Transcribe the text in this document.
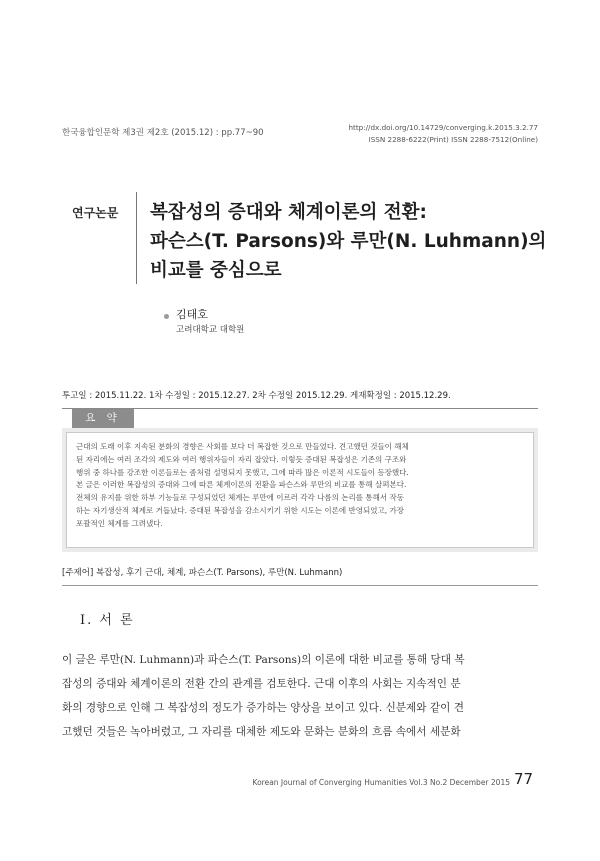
한국융합인문학 제3권 제2호 (2015.12) : pp.77~90
http://dx.doi.org/10.14729/converging.k.2015.3.2.77
ISSN 2288-6222(Print) ISSN 2288-7512(Online)
연구논문 복잡성의 증대와 체계이론의 전환:
파슨스(T. Parsons)와 루만(N. Luhmann)의
비교를 중심으로
김태호
고려대학교 대학원
투고일 : 2015.11.22. 1차 수정일 : 2015.12.27. 2차 수정일 2015.12.29. 게재확정일 : 2015.12.29.
요 약
근대의 도래 이후 지속된 분화의 경향은 사회를 보다 더 복잡한 것으로 만들었다. 견고했던 것들이 해체
된 자리에는 여러 조각의 제도와 여러 행위자들이 자리 잡았다. 이렇듯 증대된 복잡성은 기존의 구조와
행위 중 하나를 강조한 이론들로는 좀처럼 설명되지 못했고, 그에 따라 많은 이론적 시도들이 등장했다.
본 글은 이러한 복잡성의 증대와 그에 따른 체계이론의 전환을 파슨스와 루만의 비교를 통해 살펴본다.
전체의 유지를 위한 하부 기능들로 구성되었던 체계는 루만에 이르러 각각 나름의 논리를 통해서 작동
하는 자기생산적 체계로 거듭났다. 증대된 복잡성을 감소시키기 위한 시도는 이론에 반영되었고, 가장
포괄적인 체계를 그려냈다.
[주제어] 복잡성, 후기 근대, 체계, 파슨스(T. Parsons), 루만(N. Luhmann)
Ⅰ. 서 론
이 글은 루만(N. Luhmann)과 파슨스(T. Parsons)의 이론에 대한 비교를 통해 당대 복
잡성의 증대와 체계이론의 전환 간의 관계를 검토한다. 근대 이후의 사회는 지속적인 분
화의 경향으로 인해 그 복잡성의 정도가 증가하는 양상을 보이고 있다. 신분제와 같이 견
고했던 것들은 녹아버렸고, 그 자리를 대체한 제도와 문화는 분화의 흐름 속에서 세분화
Korean Journal of Converging Humanities Vol.3 No.2 December 2015 77
